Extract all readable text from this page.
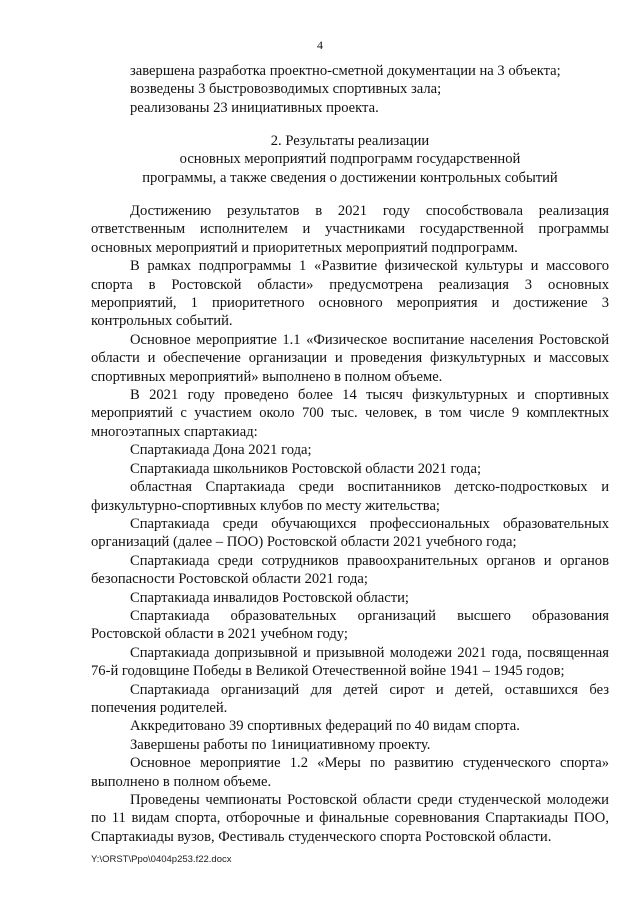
4

завершена разработка проектно-сметной документации на 3 объекта;

возведены 3 быстровозводимых спортивных зала;

реализованы 23 инициативных проекта.

2. Результаты реализации

основных мероприятий подпрограмм государственной

программы, а также сведения о достижении контрольных событий

Достижению результатов в 2021 году способствовала реализация ответственным исполнителем и участниками государственной программы основных мероприятий и приоритетных мероприятий подпрограмм.

В рамках подпрограммы 1 «Развитие физической культуры и массового спорта в Ростовской области» предусмотрена реализация 3 основных мероприятий, 1 приоритетного основного мероприятия и достижение 3 контрольных событий.

Основное мероприятие 1.1 «Физическое воспитание населения Ростовской области и обеспечение организации и проведения физкультурных и массовых спортивных мероприятий» выполнено в полном объеме.

В 2021 году проведено более 14 тысяч физкультурных и спортивных мероприятий с участием около 700 тыс. человек, в том числе 9 комплектных многоэтапных спартакиад:

Спартакиада Дона 2021 года;

Спартакиада школьников Ростовской области 2021 года;

областная Спартакиада среди воспитанников детско-подростковых и физкультурно-спортивных клубов по месту жительства;

Спартакиада среди обучающихся профессиональных образовательных организаций (далее – ПОО) Ростовской области 2021 учебного года;

Спартакиада среди сотрудников правоохранительных органов и органов безопасности Ростовской области 2021 года;

Спартакиада инвалидов Ростовской области;

Спартакиада образовательных организаций высшего образования Ростовской области в 2021 учебном году;

Спартакиада допризывной и призывной молодежи 2021 года, посвященная 76-й годовщине Победы в Великой Отечественной войне 1941 – 1945 годов;

Спартакиада организаций для детей сирот и детей, оставшихся без попечения родителей.

Аккредитовано 39 спортивных федераций по 40 видам спорта.

Завершены работы по 1инициативному проекту.

Основное мероприятие 1.2 «Меры по развитию студенческого спорта» выполнено в полном объеме.

Проведены чемпионаты Ростовской области среди студенческой молодежи по 11 видам спорта, отборочные и финальные соревнования Спартакиады ПОО, Спартакиады вузов, Фестиваль студенческого спорта Ростовской области.

Y:\ORST\Ppo\0404p253.f22.docx
